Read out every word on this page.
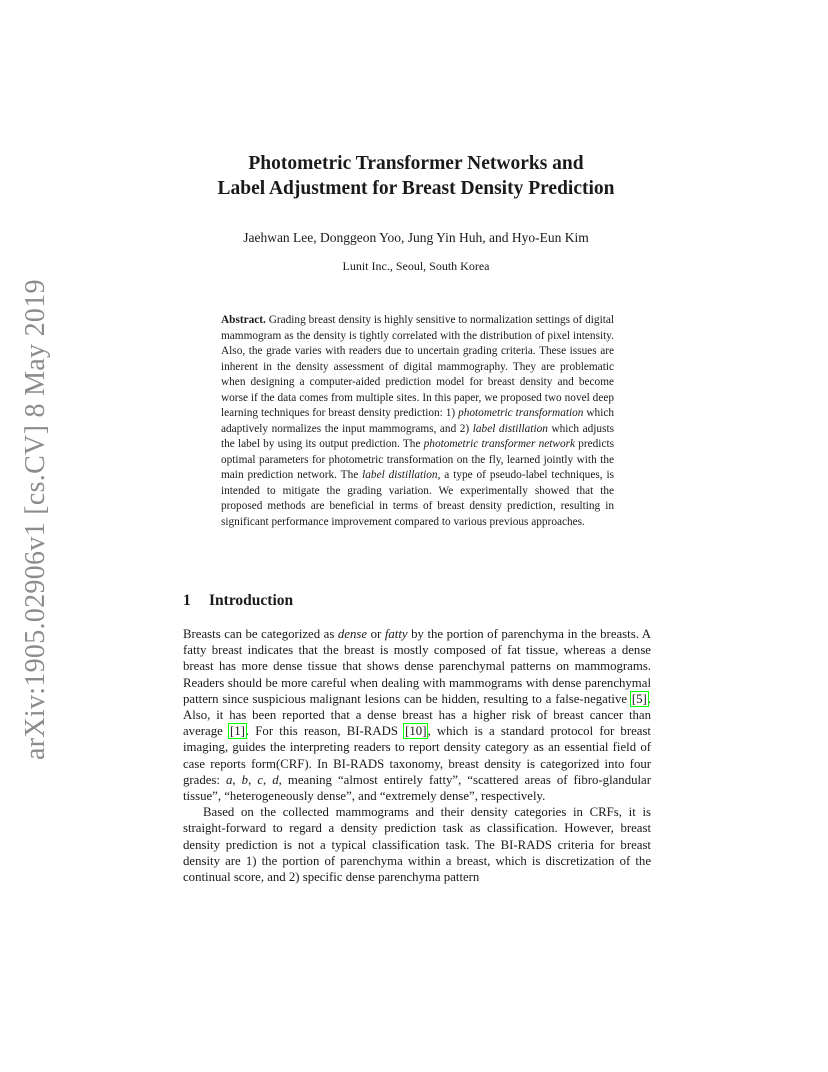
arXiv:1905.02906v1 [cs.CV] 8 May 2019
Photometric Transformer Networks and
Label Adjustment for Breast Density Prediction
Jaehwan Lee, Donggeon Yoo, Jung Yin Huh, and Hyo-Eun Kim
Lunit Inc., Seoul, South Korea
Abstract. Grading breast density is highly sensitive to normalization settings of digital mammogram as the density is tightly correlated with the distribution of pixel intensity. Also, the grade varies with readers due to uncertain grading criteria. These issues are inherent in the density assessment of digital mammography. They are problematic when designing a computer-aided prediction model for breast density and become worse if the data comes from multiple sites. In this paper, we proposed two novel deep learning techniques for breast density prediction: 1) photometric transformation which adaptively normalizes the input mammograms, and 2) label distillation which adjusts the label by using its output prediction. The photometric transformer network predicts optimal parameters for photometric transformation on the fly, learned jointly with the main prediction network. The label distillation, a type of pseudo-label techniques, is intended to mitigate the grading variation. We experimentally showed that the proposed methods are beneficial in terms of breast density prediction, resulting in significant performance improvement compared to various previous approaches.
1 Introduction

Breasts can be categorized as dense or fatty by the portion of parenchyma in the breasts. A fatty breast indicates that the breast is mostly composed of fat tissue, whereas a dense breast has more dense tissue that shows dense parenchymal patterns on mammograms. Readers should be more careful when dealing with mammograms with dense parenchymal pattern since suspicious malignant lesions can be hidden, resulting to a false-negative [5]. Also, it has been reported that a dense breast has a higher risk of breast cancer than average [1]. For this reason, BI-RADS [10], which is a standard protocol for breast imaging, guides the interpreting readers to report density category as an essential field of case reports form(CRF). In BI-RADS taxonomy, breast density is categorized into four grades: a, b, c, d, meaning “almost entirely fatty”, “scattered areas of fibro-glandular tissue”, “heterogeneously dense”, and “extremely dense”, respectively.

Based on the collected mammograms and their density categories in CRFs, it is straight-forward to regard a density prediction task as classification. However, breast density prediction is not a typical classification task. The BI-RADS criteria for breast density are 1) the portion of parenchyma within a breast, which is discretization of the continual score, and 2) specific dense parenchyma pattern
